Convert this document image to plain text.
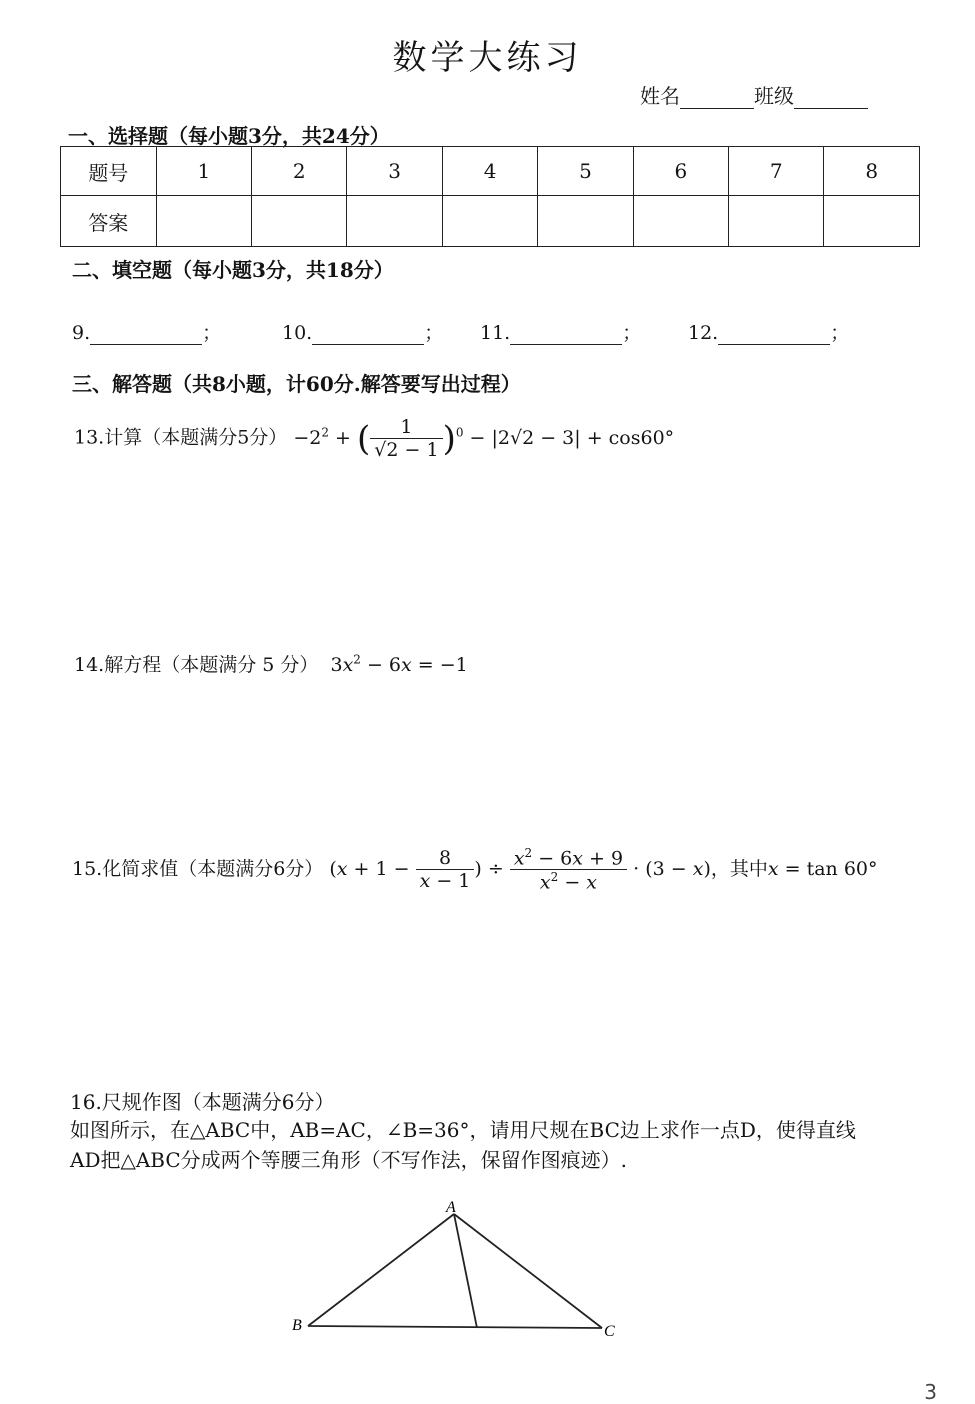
数学大练习
姓名	班级
一、选择题（每小题3分，共24分）
题号	1	2	3	4	5	6	7	8
答案								
二、填空题（每小题3分，共18分）
9.	；	10.	； 11.	； 12.	；
三、解答题（共8小题，计60分.解答要写出过程）
13.计算（本题满分5分） $-2^2$ + ( $\frac{1}{√2 - 1} )^0 - |2√2 - 3| + \cos 60^\circ$
14.解方程（本题满分 5 分）  $3x^2 - 6x = -1$
15.化简求值（本题满分6分） ($x + 1 - \frac{8}{x - 1}$ ) ÷ $\frac{x^2 - 6x + 9}{x^2 - x} \cdot (3 - x)$，其中x = tan 60°
16.尺规作图（本题满分6分）
如图所示，在△ABC中，AB=AC，∠B=36°，请用尺规在BC边上求作一点D，使得直线
AD把△ABC分成两个等腰三角形（不写作法，保留作图痕迹）.
A
B	C
3
